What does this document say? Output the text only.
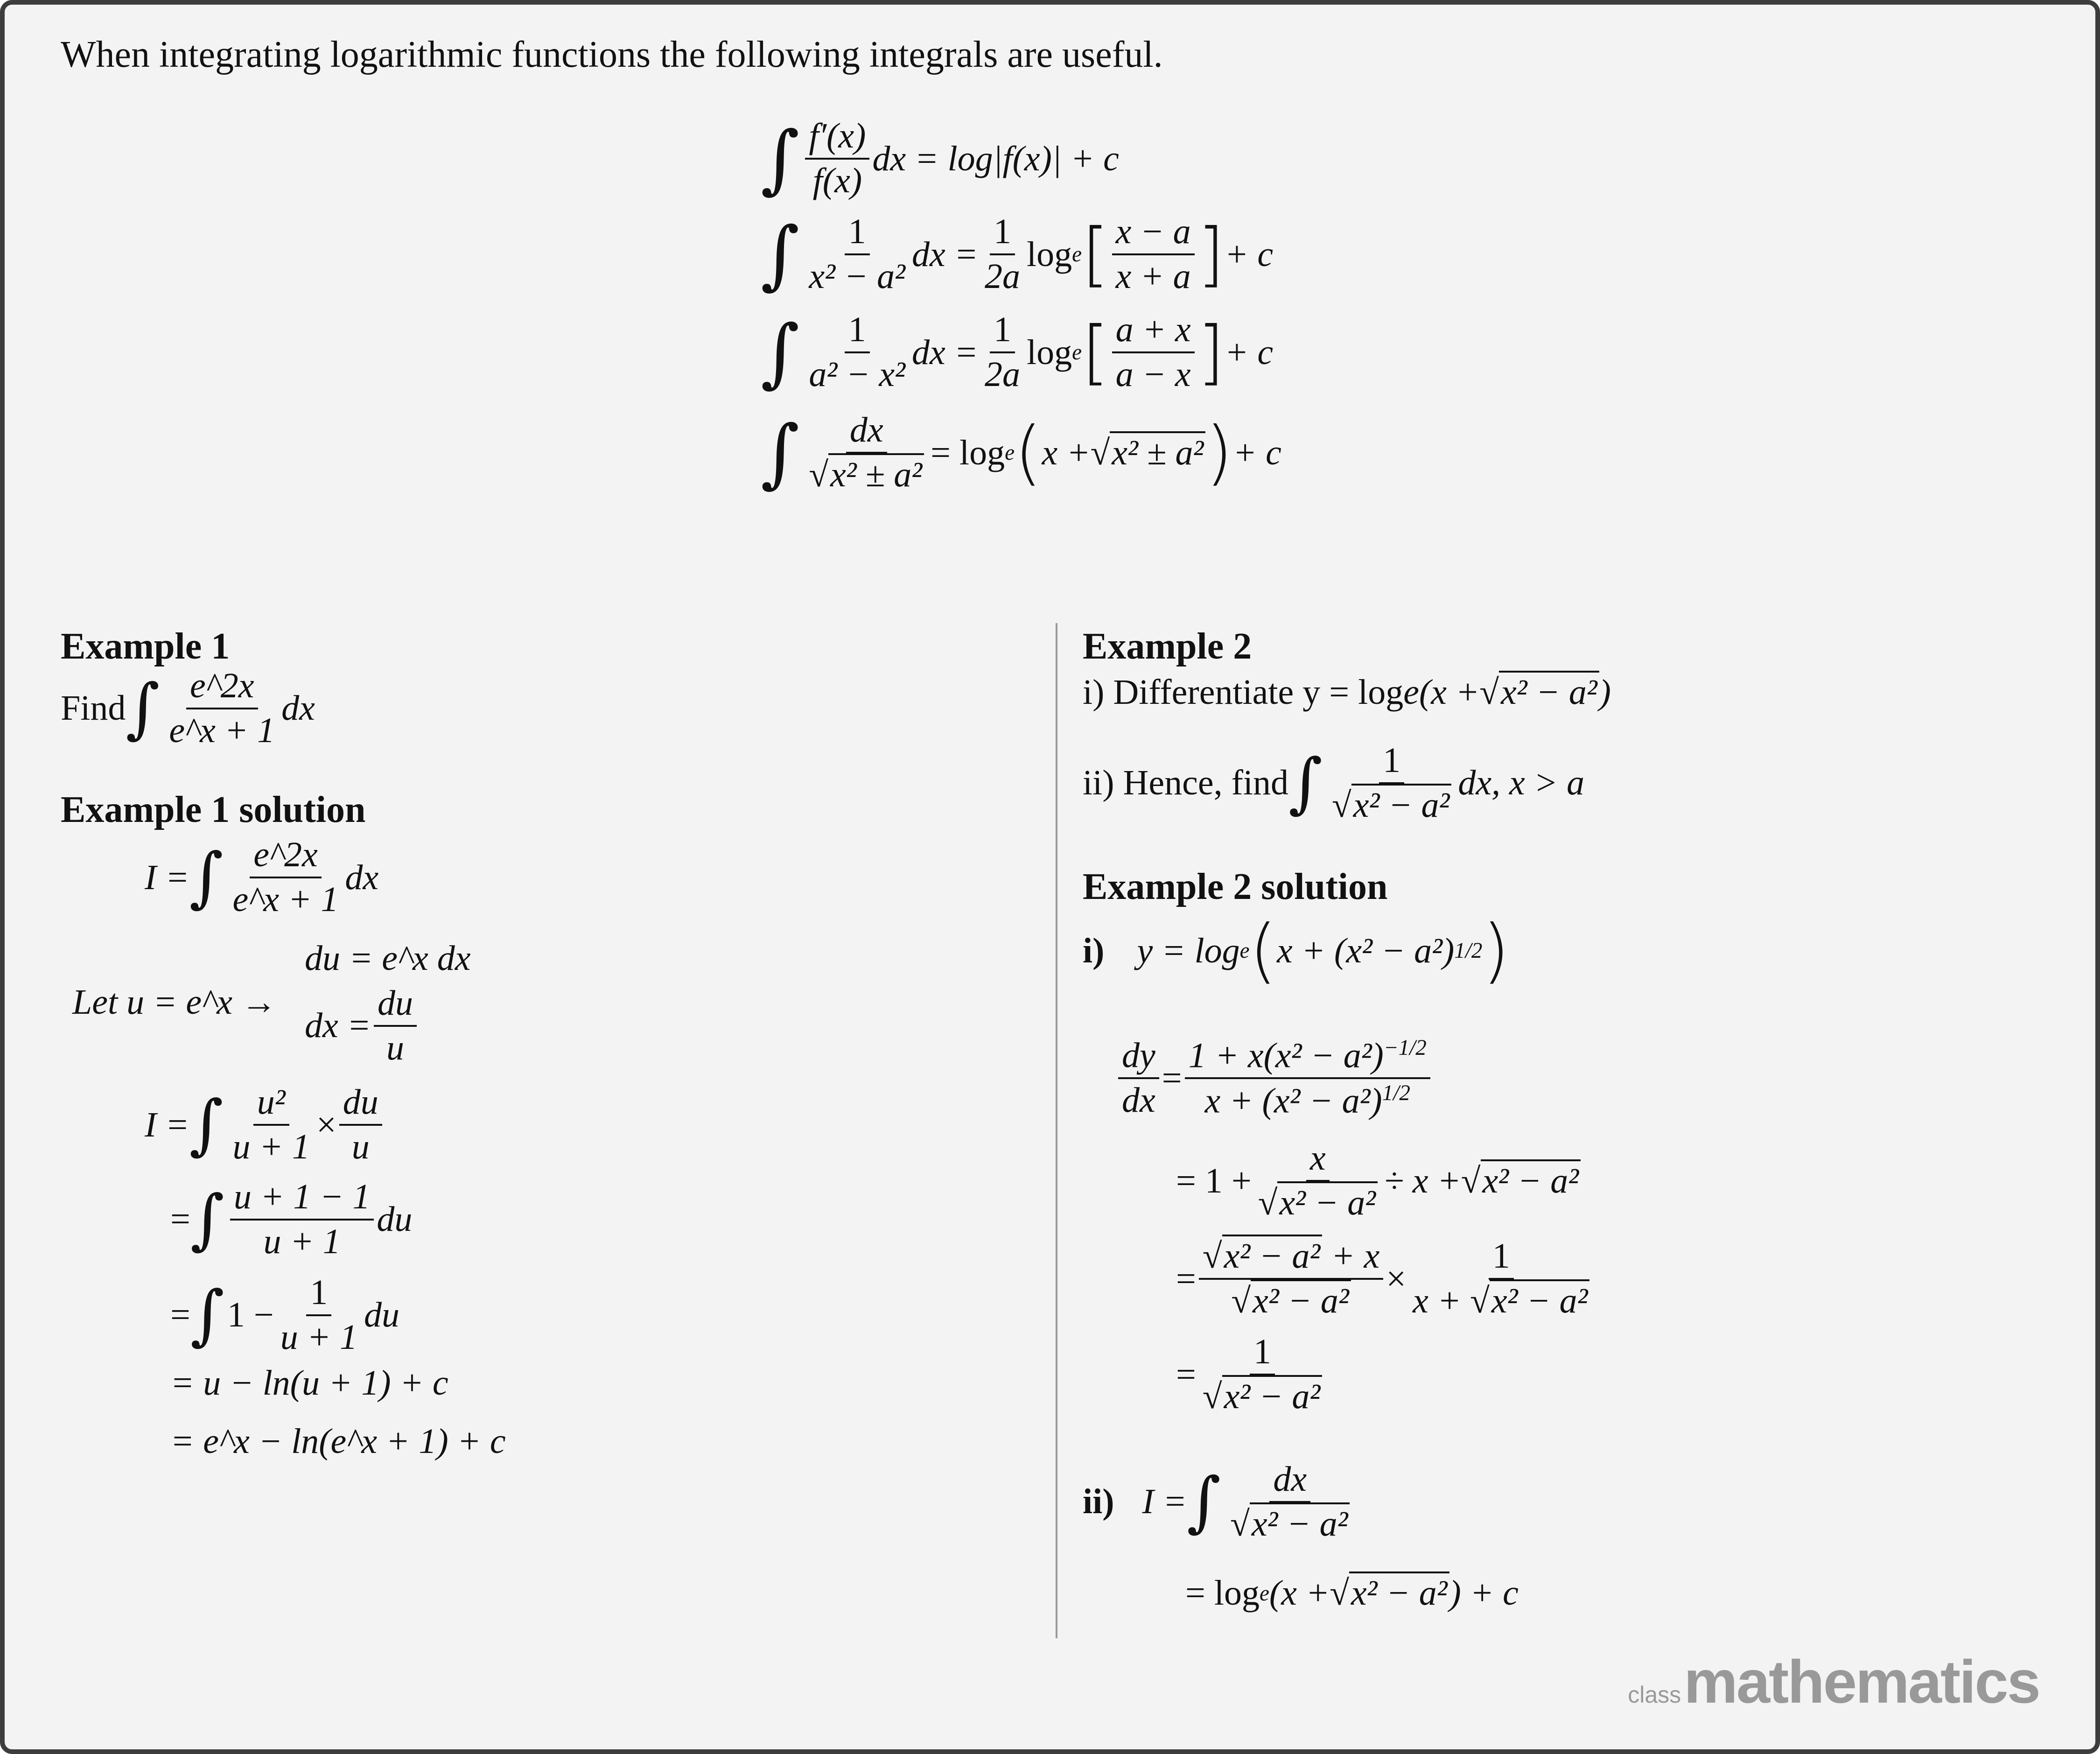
When integrating logarithmic functions the following integrals are useful.
∫ $\frac{f'(x)}{f(x)}$ dx = log|f(x)| + c
∫ $\frac{1}{\text{x² − a²}}$ dx = $\frac{1}{2a}$ log e [ $\frac{x - a}{x + a}$ ] + c
∫ $\frac{1}{\text{a² − x²}}$ dx = $\frac{1}{2a}$ log e [ $\frac{a + x}{a - x}$ ] + c
∫ $\frac{dx}{\text{√x² ± a²}} = \log e$ ( x + √x² ± a² ) + c
Example 1
Find ∫ $\frac{e\^{}2x}{e\^{}x + 1}$ dx
Example 1 solution
I = ∫ $\frac{e\^{}2x}{e\^{}x + 1}$ dx
Let u = e^x →
du = e^x dx
dx = $\frac{du}{u}$
I = ∫ $\frac{\text{u²}}{u + 1} \times \frac{du}{u}$
= ∫ $\frac{u + 1 - 1}{u + 1}$ du
= ∫ $1 - \frac{1}{u + 1}$ du
= u − ln(u + 1) + c
= e^x − ln(e^x + 1) + c
Example 2
i) Differentiate y = log e (x + √x² − a² )
ii) Hence, find ∫ $\frac{1}{\text{√x² − a²}}$ dx, x > a
Example 2 solution
i) y = log e ( x + (x² − a²) 1/2 )
$\frac{dy}{dx} = \frac{1 + x(x^2 - a^2)^{-1/2}}{x + (x^2 - a^2)^{1/2}}$
= $1 + \frac{x}{\text{√x² − a²}} \div x + √x^2 - a^2$
= $\frac{\text{√x² − a² + x}}{\text{√x² − a²}} \times \frac{1}{\text{x + √x² − a²}}$
= $\frac{1}{\text{√x² − a²}}$
ii) I = ∫ $\frac{dx}{\text{√x² − a²}}$
= log e (x + √x² − a² ) + c
class mathematics
